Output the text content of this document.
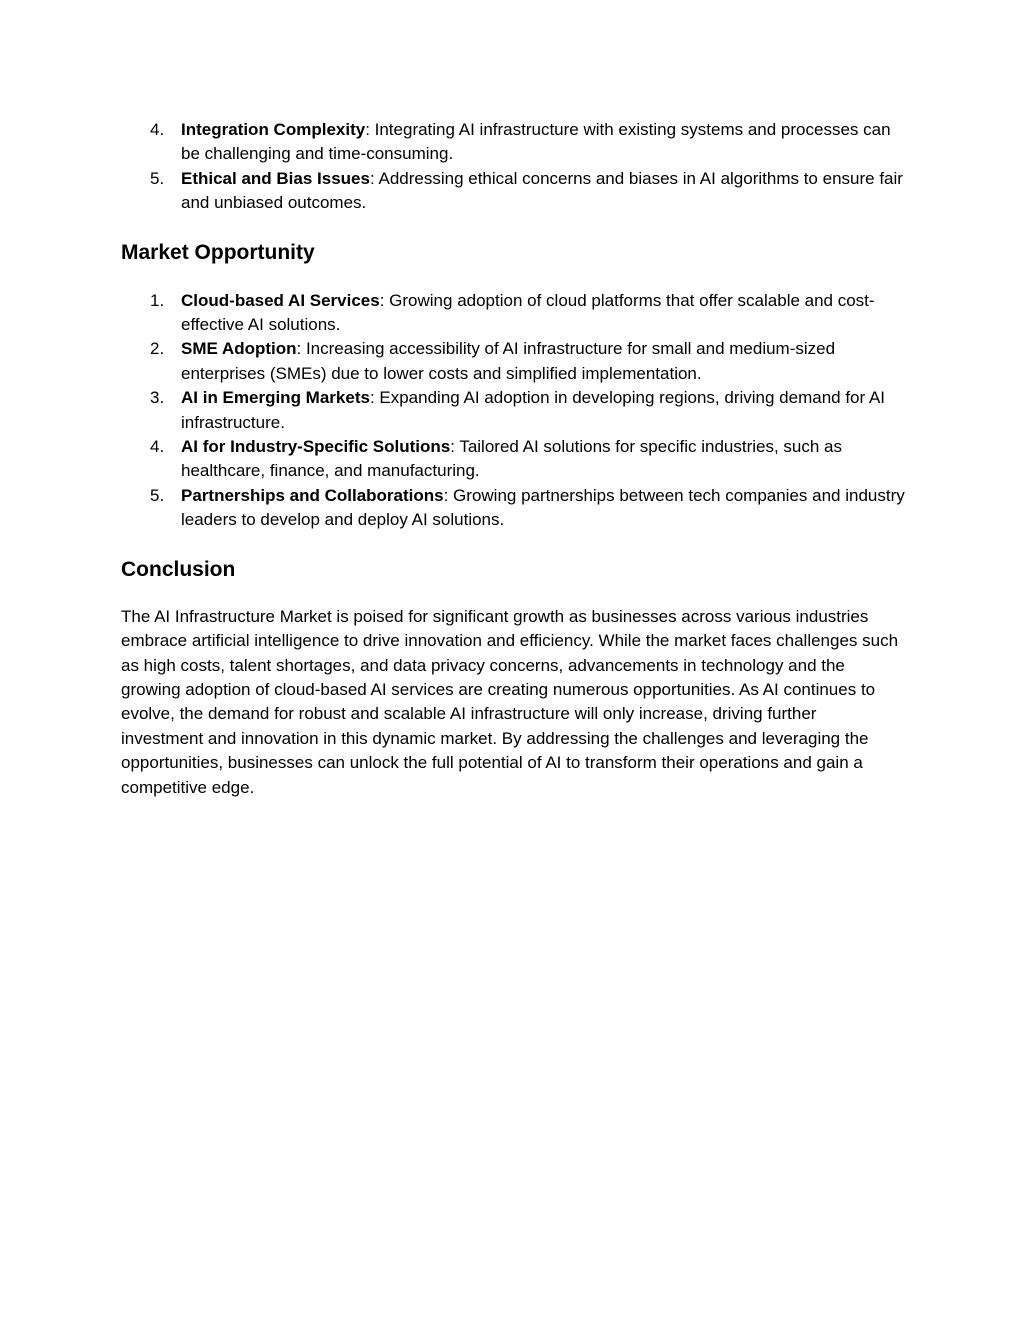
4. Integration Complexity: Integrating AI infrastructure with existing systems and processes can be challenging and time-consuming.
5. Ethical and Bias Issues: Addressing ethical concerns and biases in AI algorithms to ensure fair and unbiased outcomes.
Market Opportunity
1. Cloud-based AI Services: Growing adoption of cloud platforms that offer scalable and cost-effective AI solutions.
2. SME Adoption: Increasing accessibility of AI infrastructure for small and medium-sized enterprises (SMEs) due to lower costs and simplified implementation.
3. AI in Emerging Markets: Expanding AI adoption in developing regions, driving demand for AI infrastructure.
4. AI for Industry-Specific Solutions: Tailored AI solutions for specific industries, such as healthcare, finance, and manufacturing.
5. Partnerships and Collaborations: Growing partnerships between tech companies and industry leaders to develop and deploy AI solutions.
Conclusion

The AI Infrastructure Market is poised for significant growth as businesses across various industries embrace artificial intelligence to drive innovation and efficiency. While the market faces challenges such as high costs, talent shortages, and data privacy concerns, advancements in technology and the growing adoption of cloud-based AI services are creating numerous opportunities. As AI continues to evolve, the demand for robust and scalable AI infrastructure will only increase, driving further investment and innovation in this dynamic market. By addressing the challenges and leveraging the opportunities, businesses can unlock the full potential of AI to transform their operations and gain a competitive edge.
